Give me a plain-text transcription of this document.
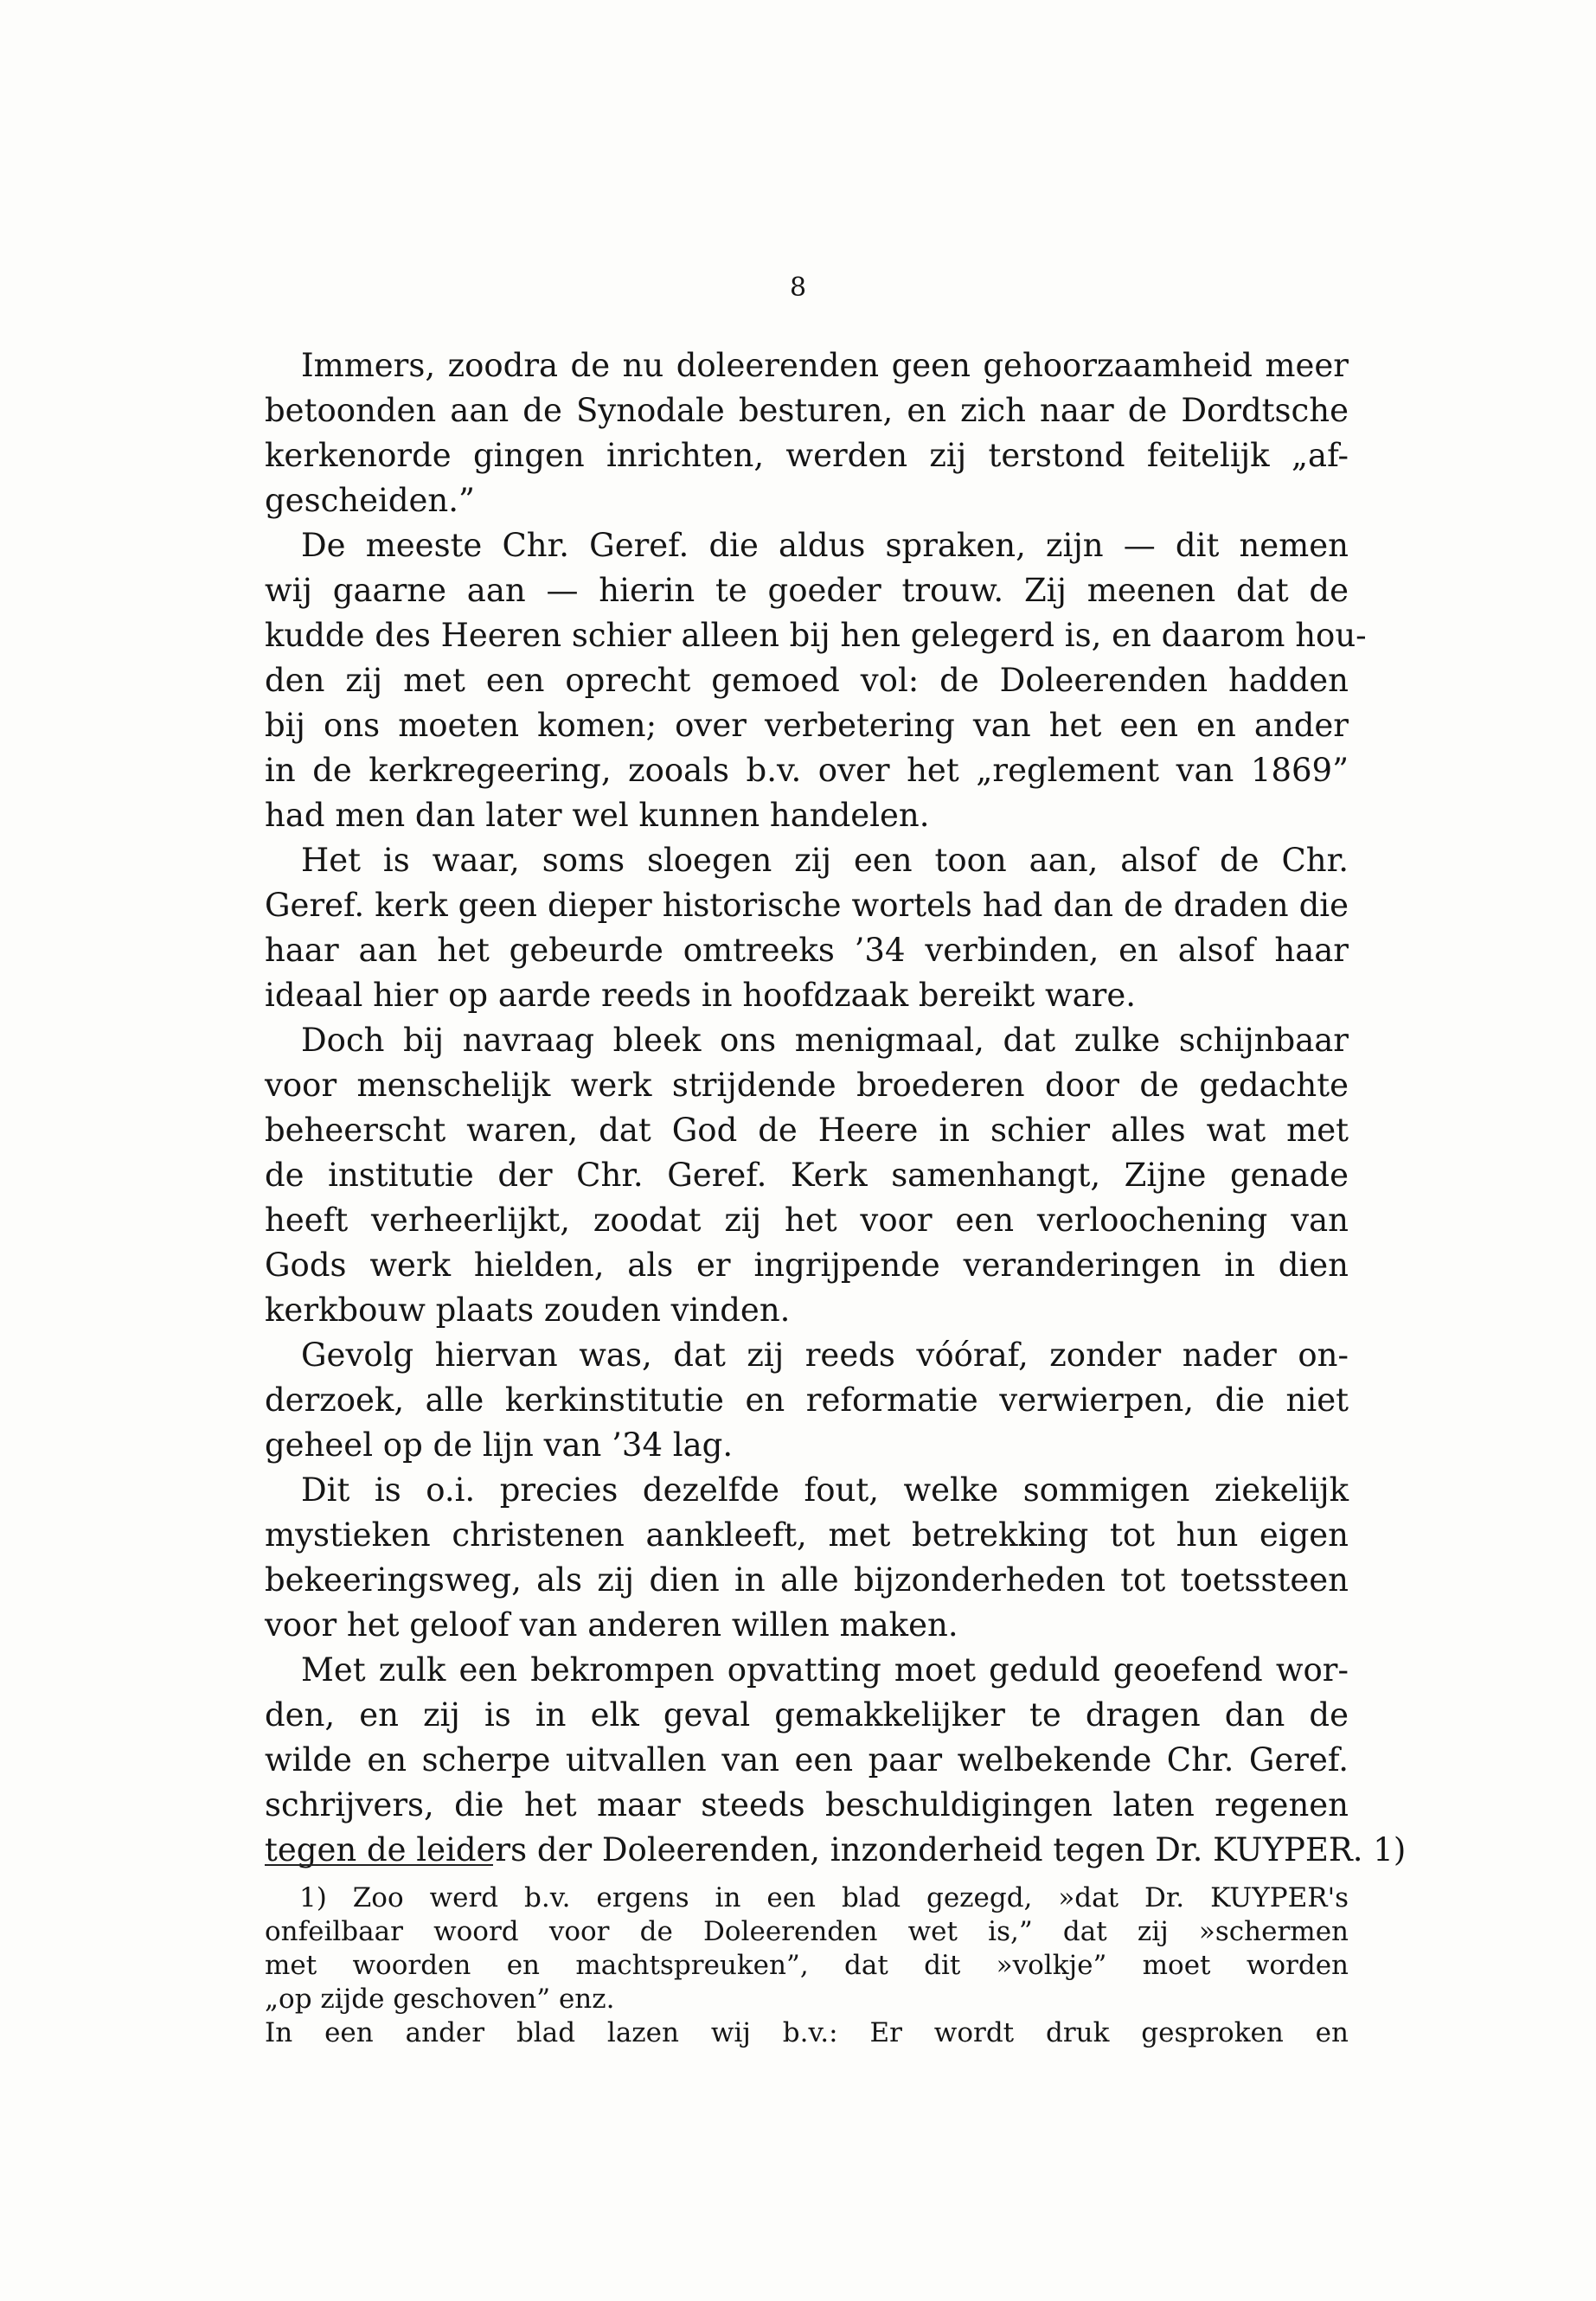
8
Immers, zoodra de nu doleerenden geen gehoorzaamheid meer
betoonden aan de Synodale besturen, en zich naar de Dordtsche
kerkenorde gingen inrichten, werden zij terstond feitelijk „af-
gescheiden.”
De meeste Chr. Geref. die aldus spraken, zijn — dit nemen
wij gaarne aan — hierin te goeder trouw. Zij meenen dat de
kudde des Heeren schier alleen bij hen gelegerd is, en daarom hou-
den zij met een oprecht gemoed vol: de Doleerenden hadden
bij ons moeten komen; over verbetering van het een en ander
in de kerkregeering, zooals b.v. over het „reglement van 1869”
had men dan later wel kunnen handelen.
Het is waar, soms sloegen zij een toon aan, alsof de Chr.
Geref. kerk geen dieper historische wortels had dan de draden die
haar aan het gebeurde omtreeks ’34 verbinden, en alsof haar
ideaal hier op aarde reeds in hoofdzaak bereikt ware.
Doch bij navraag bleek ons menigmaal, dat zulke schijnbaar
voor menschelijk werk strijdende broederen door de gedachte
beheerscht waren, dat God de Heere in schier alles wat met
de institutie der Chr. Geref. Kerk samenhangt, Zijne genade
heeft verheerlijkt, zoodat zij het voor een verloochening van
Gods werk hielden, als er ingrijpende veranderingen in dien
kerkbouw plaats zouden vinden.
Gevolg hiervan was, dat zij reeds vóóraf, zonder nader on-
derzoek, alle kerkinstitutie en reformatie verwierpen, die niet
geheel op de lijn van ’34 lag.
Dit is o.i. precies dezelfde fout, welke sommigen ziekelijk
mystieken christenen aankleeft, met betrekking tot hun eigen
bekeeringsweg, als zij dien in alle bijzonderheden tot toetssteen
voor het geloof van anderen willen maken.
Met zulk een bekrompen opvatting moet geduld geoefend wor-
den, en zij is in elk geval gemakkelijker te dragen dan de
wilde en scherpe uitvallen van een paar welbekende Chr. Geref.
schrijvers, die het maar steeds beschuldigingen laten regenen
tegen de leiders der Doleerenden, inzonderheid tegen Dr. KUYPER. 1)
1) Zoo werd b.v. ergens in een blad gezegd, »dat Dr. KUYPER's
onfeilbaar woord voor de Doleerenden wet is,” dat zij »schermen
met woorden en machtspreuken”, dat dit »volkje” moet worden
„op zijde geschoven” enz.
In een ander blad lazen wij b.v.: Er wordt druk gesproken en
